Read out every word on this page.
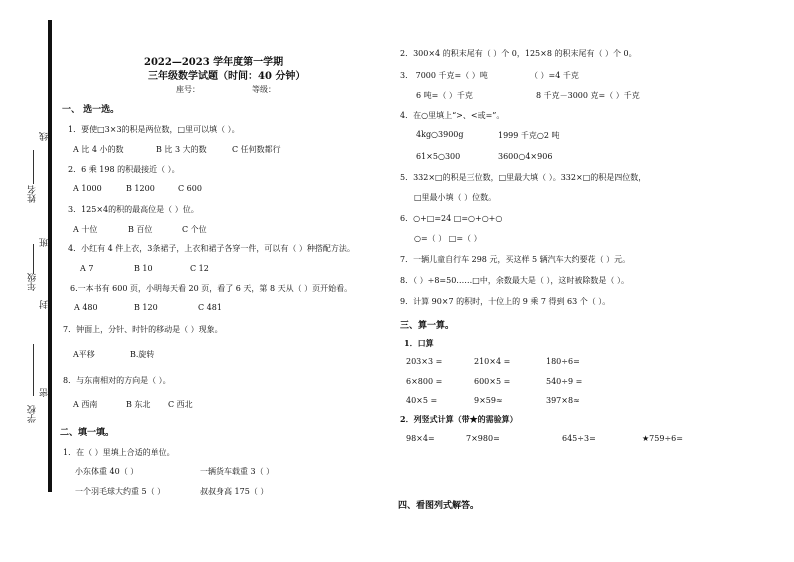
线
姓名
班
年级
封
密
学校
2022—2023 学年度第一学期
三年级数学试题（时间：40 分钟）
座号：	等级：
一、 选一选。
1．要使□3×3的积是两位数，□里可以填（ ）。
A 比 4 小的数	B 比 3 大的数	C 任何数都行
2．6 乘 198 的积最接近（ ）。
A 1000	B 1200	C 600
3．125×4的积的最高位是（ ）位。
A 十位	B 百位	C 个位
4．小红有 4 件上衣，3条裙子，上衣和裙子各穿一件，可以有（ ）种搭配方法。
A 7	B 10	C 12
6.一本书有 600 页，小明每天看 20 页，看了 6 天，第 8 天从（ ）页开始看。
A 480	B 120	C 481
7．钟面上，分针、时针的移动是（ ）现象。
A平移	B.旋转
8．与东南相对的方向是（ ）。
A 西南	B 东北 C 西北
二、填一填。
1．在（ ）里填上合适的单位。
小东体重 40（ ）	一辆货车载重 3（ ）
一个羽毛球大约重 5（ ）	叔叔身高 175（ ）
2．300×4 的积末尾有（ ）个 0，125×8 的积末尾有（ ）个 0。
3． 7000 千克=（ ）吨	（ ）=4 千克
6 吨=（ ）千克	8 千克－3000 克=（ ）千克
4．在○里填上“>、<或=”。
4kg○3900g	1999 千克○2 吨
61×5○300	3600○4×906
5．332×□的积是三位数，□里最大填（ ）。332×□的积是四位数，
□里最小填（ ）位数。
6．○+□=24 □=○+○+○
○=（ ） □=（ ）
7．一辆儿童自行车 298 元，买这样 5 辆汽车大约要花（ ）元。
8．（ ）÷8=50……□中，余数最大是（ ），这时被除数是（ ）。
9．计算 90×7 的积时，十位上的 9 乘 7 得到 63 个（ ）。
三、算一算。
1．口算
203×3 =	210×4 =	180÷6=
6×800 =	600×5 =	540÷9 =
40×5 =	9×59≈	397×8≈
2．列竖式计算（带★的需验算）
98×4=	7×980=	645÷3=	★759÷6=
四、看图列式解答。
